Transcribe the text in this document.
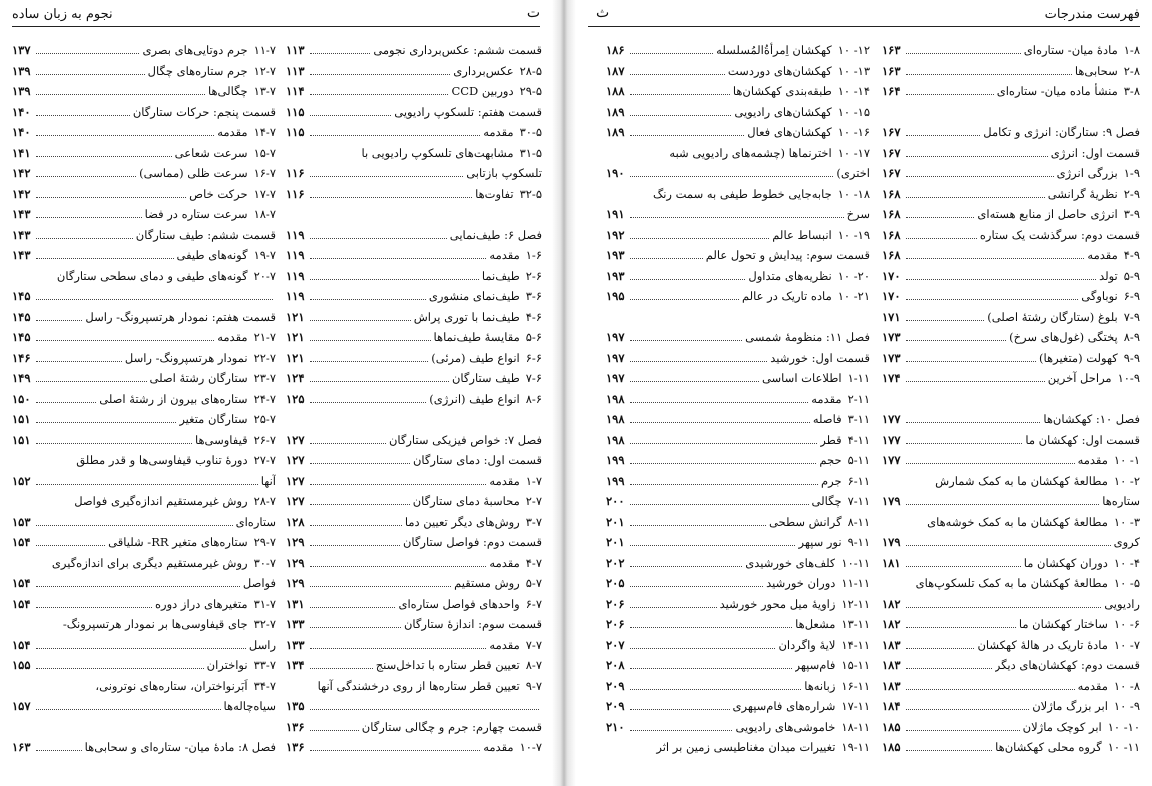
نجوم به زبان ساده	ت
قسمت ششم: عکس‌برداری نجومی
۱۱۳
۲۸-۵
عکس‌برداری
۱۱۳
۲۹-۵
دوربین CCD
۱۱۴
قسمت هفتم: تلسکوپ رادیویی
۱۱۵
۳۰-۵
مقدمه
۱۱۵
۳۱-۵
مشابهت‌های تلسکوپ رادیویی با
تلسکوپ بازتابی
۱۱۶
۳۲-۵
تفاوت‌ها
۱۱۶
فصل ۶: طیف‌نمایی
۱۱۹
۱-۶
مقدمه
۱۱۹
۲-۶
طیف‌نما
۱۱۹
۳-۶
طیف‌نمای منشوری
۱۱۹
۴-۶
طیف‌نما با توری پراش
۱۲۱
۵-۶
مقایسهٔ طیف‌نماها
۱۲۱
۶-۶
انواع طیف (مرئی)
۱۲۱
۷-۶
طیف ستارگان
۱۲۴
۸-۶
انواع طیف (انرژی)
۱۲۵
فصل ۷: خواص فیزیکی ستارگان
۱۲۷
قسمت اول: دمای ستارگان
۱۲۷
۱-۷
مقدمه
۱۲۷
۲-۷
محاسبهٔ دمای ستارگان
۱۲۷
۳-۷
روش‌های دیگر تعیین دما
۱۲۸
قسمت دوم: فواصل ستارگان
۱۲۹
۴-۷
مقدمه
۱۲۹
۵-۷
روش مستقیم
۱۲۹
۶-۷
واحدهای فواصل ستاره‌ای
۱۳۱
قسمت سوم: اندازهٔ ستارگان
۱۳۳
۷-۷
مقدمه
۱۳۳
۸-۷
تعیین قطر ستاره با تداخل‌سنج
۱۳۴
۹-۷
تعیین قطر ستاره‌ها از روی درخشندگی آنها
۱۳۵
قسمت چهارم: جرم و چگالی ستارگان
۱۳۶
۱۰-۷
مقدمه
۱۳۶
۱۱-۷
جرم دوتایی‌های بصری
۱۳۷
۱۲-۷
جرم ستاره‌های چگال
۱۳۹
۱۳-۷
چگالی‌ها
۱۳۹
قسمت پنجم: حرکات ستارگان
۱۴۰
۱۴-۷
مقدمه
۱۴۰
۱۵-۷
سرعت شعاعی
۱۴۱
۱۶-۷
سرعت ظلی (مماسی)
۱۴۲
۱۷-۷
حرکت خاص
۱۴۲
۱۸-۷
سرعت ستاره در فضا
۱۴۳
قسمت ششم: طیف ستارگان
۱۴۳
۱۹-۷
گونه‌های طیفی
۱۴۳
۲۰-۷
گونه‌های طیفی و دمای سطحی ستارگان
۱۴۵
قسمت هفتم: نمودار هرتسپرونگ- راسل
۱۴۵
۲۱-۷
مقدمه
۱۴۵
۲۲-۷
نمودار هرتسپرونگ- راسل
۱۴۶
۲۳-۷
ستارگان رشتهٔ اصلی
۱۴۹
۲۴-۷
ستاره‌های بیرون از رشتهٔ اصلی
۱۵۰
۲۵-۷
ستارگان متغیر
۱۵۱
۲۶-۷
قیفاوسی‌ها
۱۵۱
۲۷-۷
دورهٔ تناوب قیفاوسی‌ها و قدر مطلق
آنها
۱۵۲
۲۸-۷
روش غیرمستقیم اندازه‌گیری فواصل
ستاره‌ای
۱۵۳
۲۹-۷
ستاره‌های متغیر RR- شلیاقی
۱۵۴
۳۰-۷
روش غیرمستقیم دیگری برای اندازه‌گیری
فواصل
۱۵۴
۳۱-۷
متغیرهای دراز دوره
۱۵۴
۳۲-۷
جای قیفاوسی‌ها بر نمودار هرتسپرونگ-
راسل
۱۵۴
۳۳-۷
نواختران
۱۵۵
۳۴-۷
اَبَرنواختران، ستاره‌های نوترونی،
سیاه‌چاله‌ها
۱۵۷
فصل ۸: مادهٔ میان- ستاره‌ای و سحابی‌ها
۱۶۳
فهرست مندرجات
ث
۱-۸
مادهٔ میان- ستاره‌ای
۱۶۳
۲-۸
سحابی‌ها
۱۶۳
۳-۸
منشأ ماده میان- ستاره‌ای
۱۶۴
فصل ۹: ستارگان: انرژی و تکامل
۱۶۷
قسمت اول: انرژی
۱۶۷
۱-۹
بزرگی انرژی
۱۶۷
۲-۹
نظریهٔ گرانشی
۱۶۸
۳-۹
انرژی حاصل از منابع هسته‌ای
۱۶۸
قسمت دوم: سرگذشت یک ستاره
۱۶۸
۴-۹
مقدمه
۱۶۸
۵-۹
تولد
۱۷۰
۶-۹
نوباوگی
۱۷۰
۷-۹
بلوغ (ستارگان رشتهٔ اصلی)
۱۷۱
۸-۹
پختگی (غول‌های سرخ)
۱۷۳
۹-۹
کهولت (متغیرها)
۱۷۳
۱۰-۹
مراحل آخرین
۱۷۴
فصل ۱۰: کهکشان‌ها
۱۷۷
قسمت اول: کهکشان ما
۱۷۷
۱- ۱۰
مقدمه
۱۷۷
۲- ۱۰
مطالعهٔ کهکشان ما به کمک شمارش
ستاره‌ها
۱۷۹
۳- ۱۰
مطالعهٔ کهکشان ما به کمک خوشه‌های
کروی
۱۷۹
۴- ۱۰
دوران کهکشان ما
۱۸۱
۵- ۱۰
مطالعهٔ کهکشان ما به کمک تلسکوپ‌های
رادیویی
۱۸۲
۶- ۱۰
ساختار کهکشان ما
۱۸۲
۷- ۱۰
مادهٔ تاریک در هالهٔ کهکشان
۱۸۳
قسمت دوم: کهکشان‌های دیگر
۱۸۳
۸- ۱۰
مقدمه
۱۸۳
۹- ۱۰
ابر بزرگ ماژلان
۱۸۴
۱۰- ۱۰
ابر کوچک ماژلان
۱۸۵
۱۱- ۱۰
گروه محلی کهکشان‌ها
۱۸۵
۱۲- ۱۰
کهکشان اِمرأةُ‌المُسلسله
۱۸۶
۱۳- ۱۰
کهکشان‌های دوردست
۱۸۷
۱۴- ۱۰
طبقه‌بندی کهکشان‌ها
۱۸۸
۱۵- ۱۰
کهکشان‌های رادیویی
۱۸۹
۱۶- ۱۰
کهکشان‌های فعال
۱۸۹
۱۷- ۱۰
اخترنماها (چشمه‌های رادیویی شبه
اختری)
۱۹۰
۱۸- ۱۰
جابه‌جایی خطوط طیفی به سمت رنگ
سرخ
۱۹۱
۱۹- ۱۰
انبساط عالم
۱۹۲
قسمت سوم: پیدایش و تحول عالم
۱۹۳
۲۰- ۱۰
نظریه‌های متداول
۱۹۳
۲۱- ۱۰
ماده تاریک در عالم
۱۹۵
فصل ۱۱: منظومهٔ شمسی
۱۹۷
قسمت اول: خورشید
۱۹۷
۱-۱۱
اطلاعات اساسی
۱۹۷
۲-۱۱
مقدمه
۱۹۸
۳-۱۱
فاصله
۱۹۸
۴-۱۱
قطر
۱۹۸
۵-۱۱
حجم
۱۹۹
۶-۱۱
جرم
۱۹۹
۷-۱۱
چگالی
۲۰۰
۸-۱۱
گرانش سطحی
۲۰۱
۹-۱۱
نور سپهر
۲۰۱
۱۰-۱۱
کلف‌های خورشیدی
۲۰۲
۱۱-۱۱
دوران خورشید
۲۰۵
۱۲-۱۱
زاویهٔ میل محور خورشید
۲۰۶
۱۳-۱۱
مشعل‌ها
۲۰۶
۱۴-۱۱
لایهٔ واگردان
۲۰۷
۱۵-۱۱
فام‌سپهر
۲۰۸
۱۶-۱۱
زبانه‌ها
۲۰۹
۱۷-۱۱
شراره‌های فام‌سپهری
۲۰۹
۱۸-۱۱
خاموشی‌های رادیویی
۲۱۰
۱۹-۱۱
تغییرات میدان مغناطیسی زمین بر اثر
